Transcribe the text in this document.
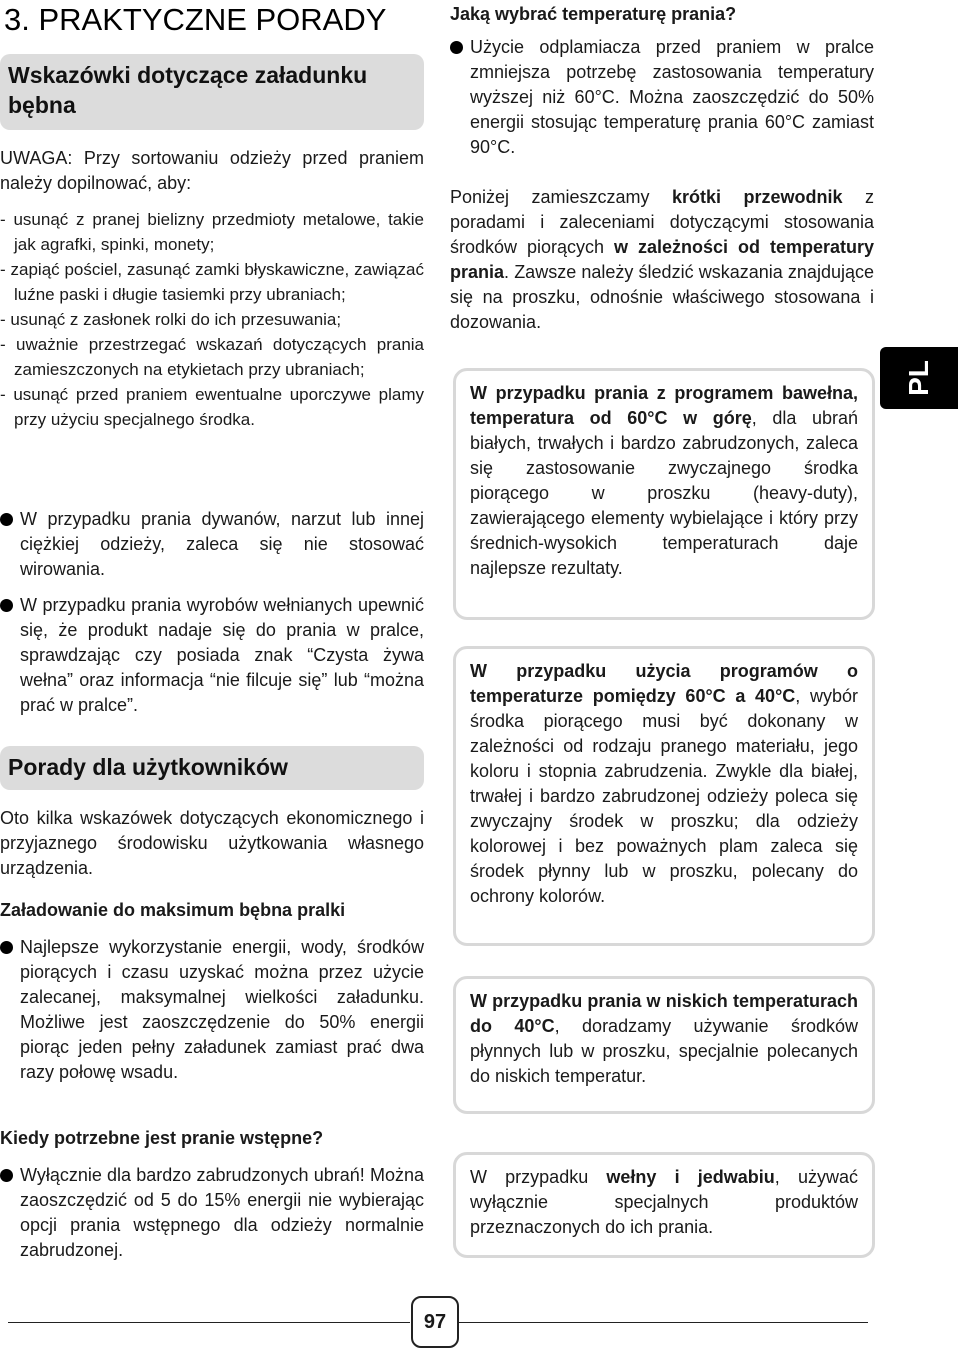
3. PRAKTYCZNE PORADY
Wskazówki dotyczące załadunku bębna
UWAGA: Przy sortowaniu odzieży przed praniem należy dopilnować, aby:
- usunąć z pranej bielizny przedmioty metalowe, takie jak agrafki, spinki, monety;
- zapiąć pościel, zasunąć zamki błyskawiczne, zawiązać luźne paski i długie tasiemki przy ubraniach;
- usunąć z zasłonek rolki do ich przesuwania;
- uważnie przestrzegać wskazań dotyczących prania zamieszczonych na etykietach przy ubraniach;
- usunąć przed praniem ewentualne uporczywe plamy przy użyciu specjalnego środka.
W przypadku prania dywanów, narzut lub innej ciężkiej odzieży, zaleca się nie stosować wirowania.
W przypadku prania wyrobów wełnianych upewnić się, że produkt nadaje się do prania w pralce, sprawdzając czy posiada znak “Czysta żywa wełna” oraz informacja “nie filcuje się” lub “można prać w pralce”.
Porady dla użytkowników
Oto kilka wskazówek dotyczących ekonomicznego i przyjaznego środowisku użytkowania własnego urządzenia.
Załadowanie do maksimum bębna pralki
Najlepsze wykorzystanie energii, wody, środków piorących i czasu uzyskać można przez użycie zalecanej, maksymalnej wielkości załadunku. Możliwe jest zaoszczędzenie do 50% energii piorąc jeden pełny załadunek zamiast prać dwa razy połowę wsadu.
Kiedy potrzebne jest pranie wstępne?
Wyłącznie dla bardzo zabrudzonych ubrań! Można zaoszczędzić od 5 do 15% energii nie wybierając opcji prania wstępnego dla odzieży normalnie zabrudzonej.
Jaką wybrać temperaturę prania?
Użycie odplamiacza przed praniem w pralce zmniejsza potrzebę zastosowania temperatury wyższej niż 60°C. Można zaoszczędzić do 50% energii stosując temperaturę prania 60°C zamiast 90°C.
Poniżej zamieszczamy krótki przewodnik z poradami i zaleceniami dotyczącymi stosowania środków piorących w zależności od temperatury prania. Zawsze należy śledzić wskazania znajdujące się na proszku, odnośnie właściwego stosowana i dozowania.
W przypadku prania z programem bawełna, temperatura od 60°C w górę, dla ubrań białych, trwałych i bardzo zabrudzonych, zaleca się zastosowanie zwyczajnego środka piorącego w proszku (heavy-duty), zawierającego elementy wybielające i który przy średnich-wysokich temperaturach daje najlepsze rezultaty.
W przypadku użycia programów o temperaturze pomiędzy 60°C a 40°C, wybór środka piorącego musi być dokonany w zależności od rodzaju pranego materiału, jego koloru i stopnia zabrudzenia. Zwykle dla białej, trwałej i bardzo zabrudzonej odzieży poleca się zwyczajny środek w proszku; dla odzieży kolorowej i bez poważnych plam zaleca się środek płynny lub w proszku, polecany do ochrony kolorów.
W przypadku prania w niskich temperaturach do 40°C, doradzamy używanie środków płynnych lub w proszku, specjalnie polecanych do niskich temperatur.
W przypadku wełny i jedwabiu, używać wyłącznie specjalnych produktów przeznaczonych do ich prania.
PL
97
